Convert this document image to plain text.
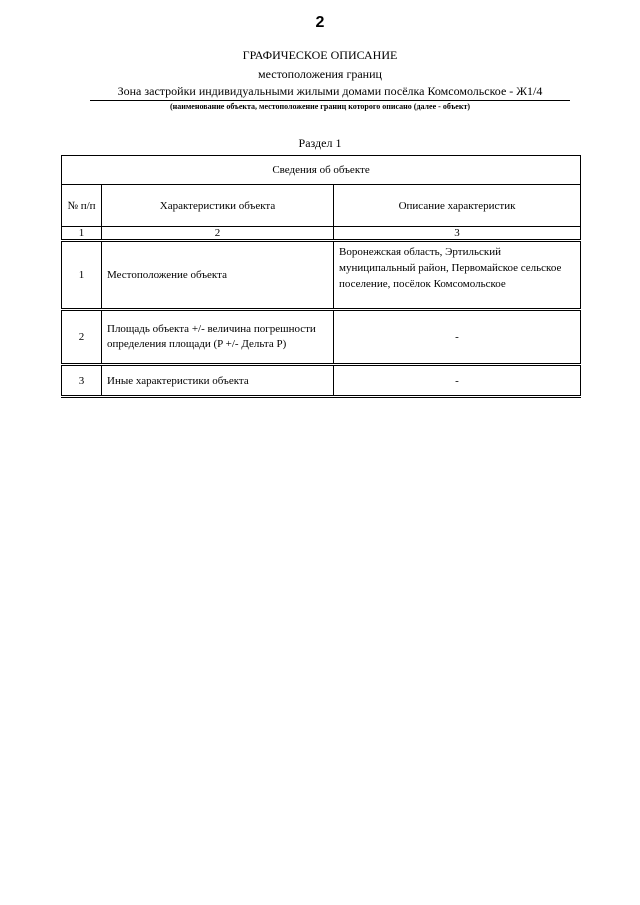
2
ГРАФИЧЕСКОЕ ОПИСАНИЕ
местоположения границ
Зона застройки индивидуальными жилыми домами посёлка Комсомольское - Ж1/4
(наименование объекта, местоположение границ которого описано (далее - объект)
Раздел 1
Сведения об объекте		
№ п/п	Характеристики объекта	Описание характеристик
1	2	3
1	Местоположение объекта	Воронежская область, Эртильский муниципальный район, Первомайское сельское поселение, посёлок Комсомольское
2	Площадь объекта +/- величина погрешности определения площади (P +/- Дельта P)	-
3	Иные характеристики объекта	-
